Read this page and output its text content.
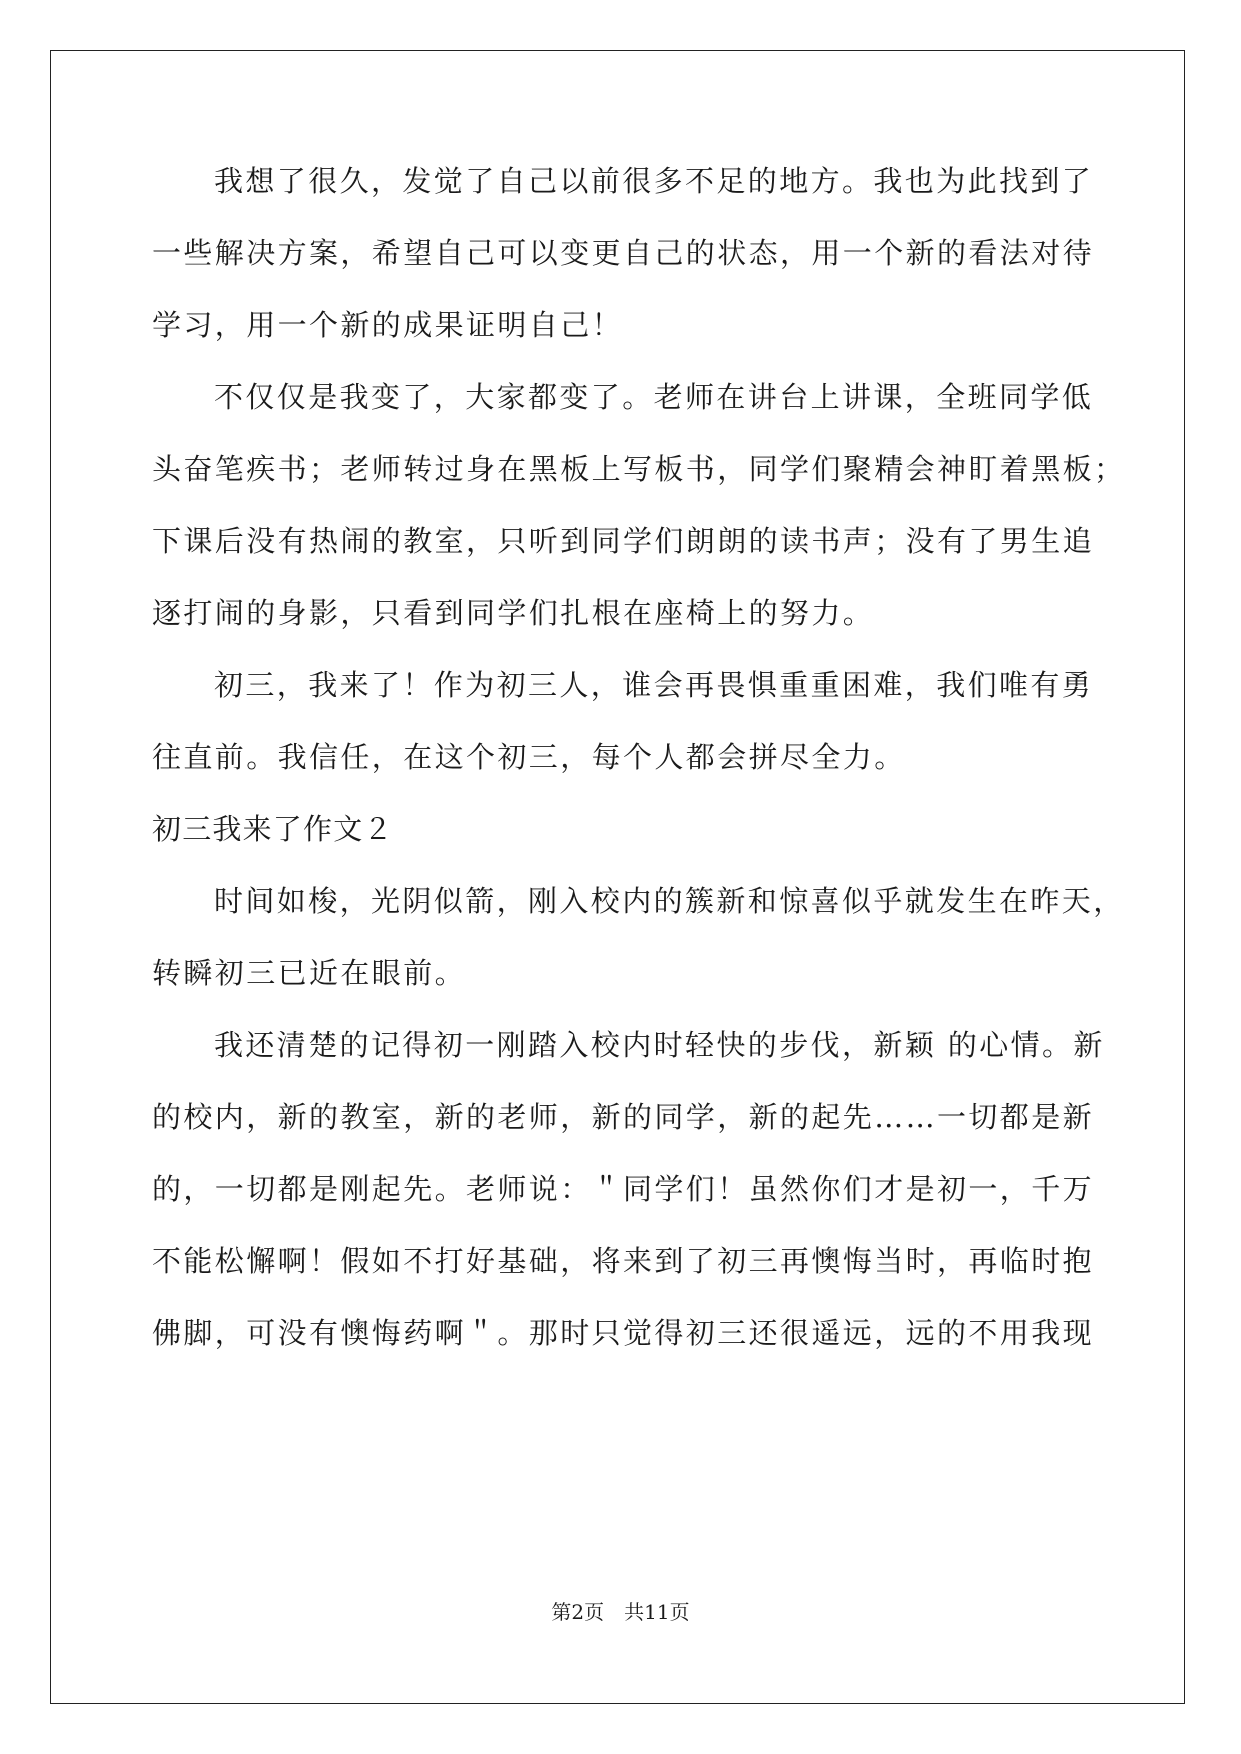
我想了很久，发觉了自己以前很多不足的地方。我也为此找到了
一些解决方案，希望自己可以变更自己的状态，用一个新的看法对待
学习，用一个新的成果证明自己！
不仅仅是我变了，大家都变了。老师在讲台上讲课，全班同学低
头奋笔疾书；老师转过身在黑板上写板书，同学们聚精会神盯着黑板；
下课后没有热闹的教室，只听到同学们朗朗的读书声；没有了男生追
逐打闹的身影，只看到同学们扎根在座椅上的努力。
初三，我来了！作为初三人，谁会再畏惧重重困难，我们唯有勇
往直前。我信任，在这个初三，每个人都会拼尽全力。
初三我来了作文２
时间如梭，光阴似箭，刚入校内的簇新和惊喜似乎就发生在昨天，
转瞬初三已近在眼前。
我还清楚的记得初一刚踏入校内时轻快的步伐，新颖 的心情。新
的校内，新的教室，新的老师，新的同学，新的起先……一切都是新
的，一切都是刚起先。老师说：＂同学们！虽然你们才是初一，千万
不能松懈啊！假如不打好基础，将来到了初三再懊悔当时，再临时抱
佛脚，可没有懊悔药啊＂。那时只觉得初三还很遥远，远的不用我现
第2页 共11页
